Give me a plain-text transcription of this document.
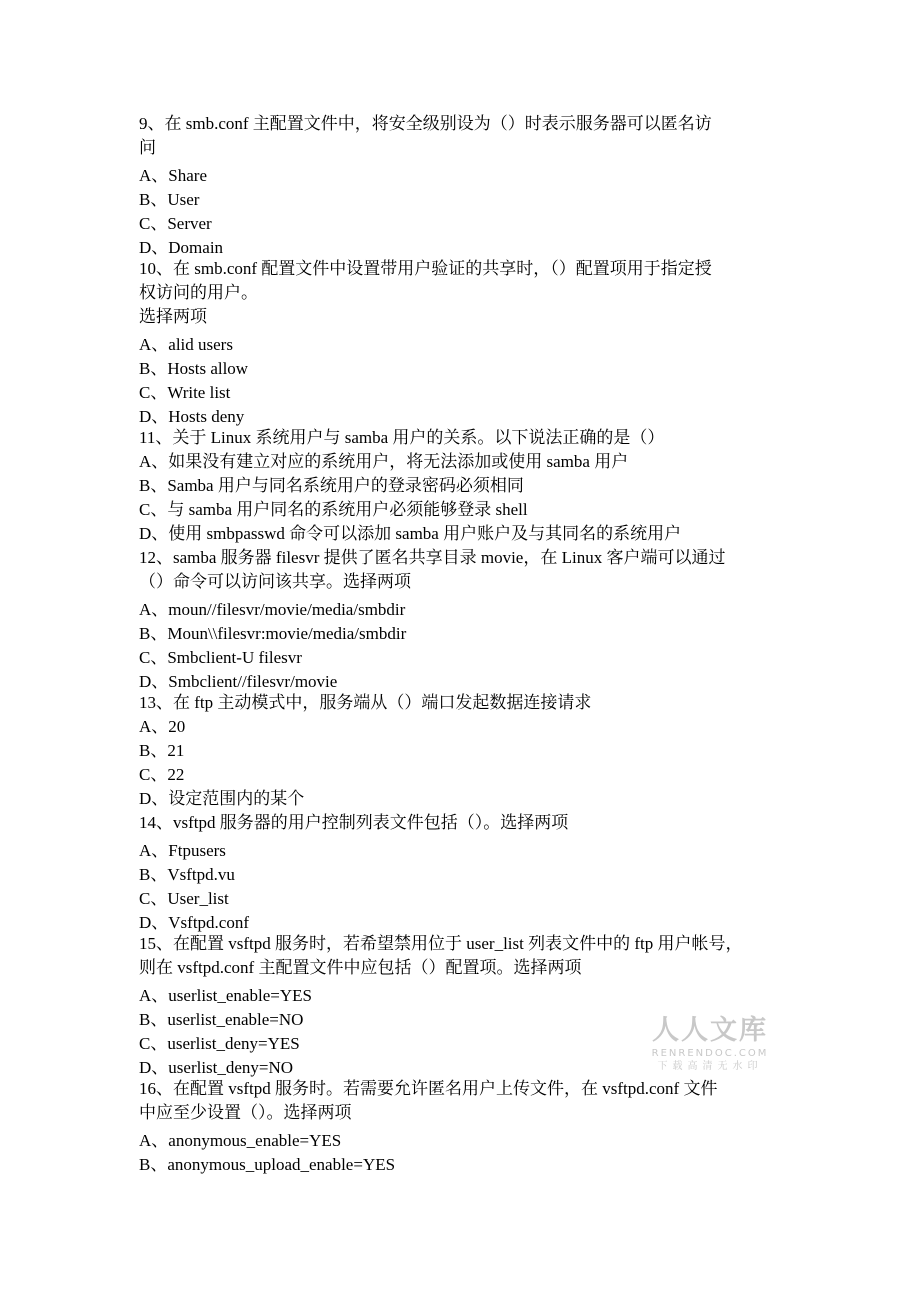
9、在 smb.conf 主配置文件中，将安全级别设为（）时表示服务器可以匿名访
问
A、Share
B、User
C、Server
D、Domain
10、在 smb.conf 配置文件中设置带用户验证的共享时，（）配置项用于指定授
权访问的用户。
选择两项
A、alid users
B、Hosts allow
C、Write list
D、Hosts deny
11、关于 Linux 系统用户与 samba 用户的关系。以下说法正确的是（）
A、如果没有建立对应的系统用户，将无法添加或使用 samba 用户
B、Samba 用户与同名系统用户的登录密码必须相同
C、与 samba 用户同名的系统用户必须能够登录 shell
D、使用 smbpasswd 命令可以添加 samba 用户账户及与其同名的系统用户
12、samba 服务器 filesvr 提供了匿名共享目录 movie，在 Linux 客户端可以通过
（）命令可以访问该共享。选择两项
A、moun//filesvr/movie/media/smbdir
B、Moun\\filesvr:movie/media/smbdir
C、Smbclient-U filesvr
D、Smbclient//filesvr/movie
13、在 ftp 主动模式中，服务端从（）端口发起数据连接请求
A、20
B、21
C、22
D、设定范围内的某个
14、vsftpd 服务器的用户控制列表文件包括（）。选择两项
A、Ftpusers
B、Vsftpd.vu
C、User_list
D、Vsftpd.conf
15、在配置 vsftpd 服务时，若希望禁用位于 user_list 列表文件中的 ftp 用户帐号，
则在 vsftpd.conf 主配置文件中应包括（）配置项。选择两项
A、userlist_enable=YES
B、userlist_enable=NO
C、userlist_deny=YES
D、userlist_deny=NO
16、在配置 vsftpd 服务时。若需要允许匿名用户上传文件，在 vsftpd.conf 文件
中应至少设置（）。选择两项
A、anonymous_enable=YES
B、anonymous_upload_enable=YES
人人文库
RENRENDOC.COM
下载高清无水印
